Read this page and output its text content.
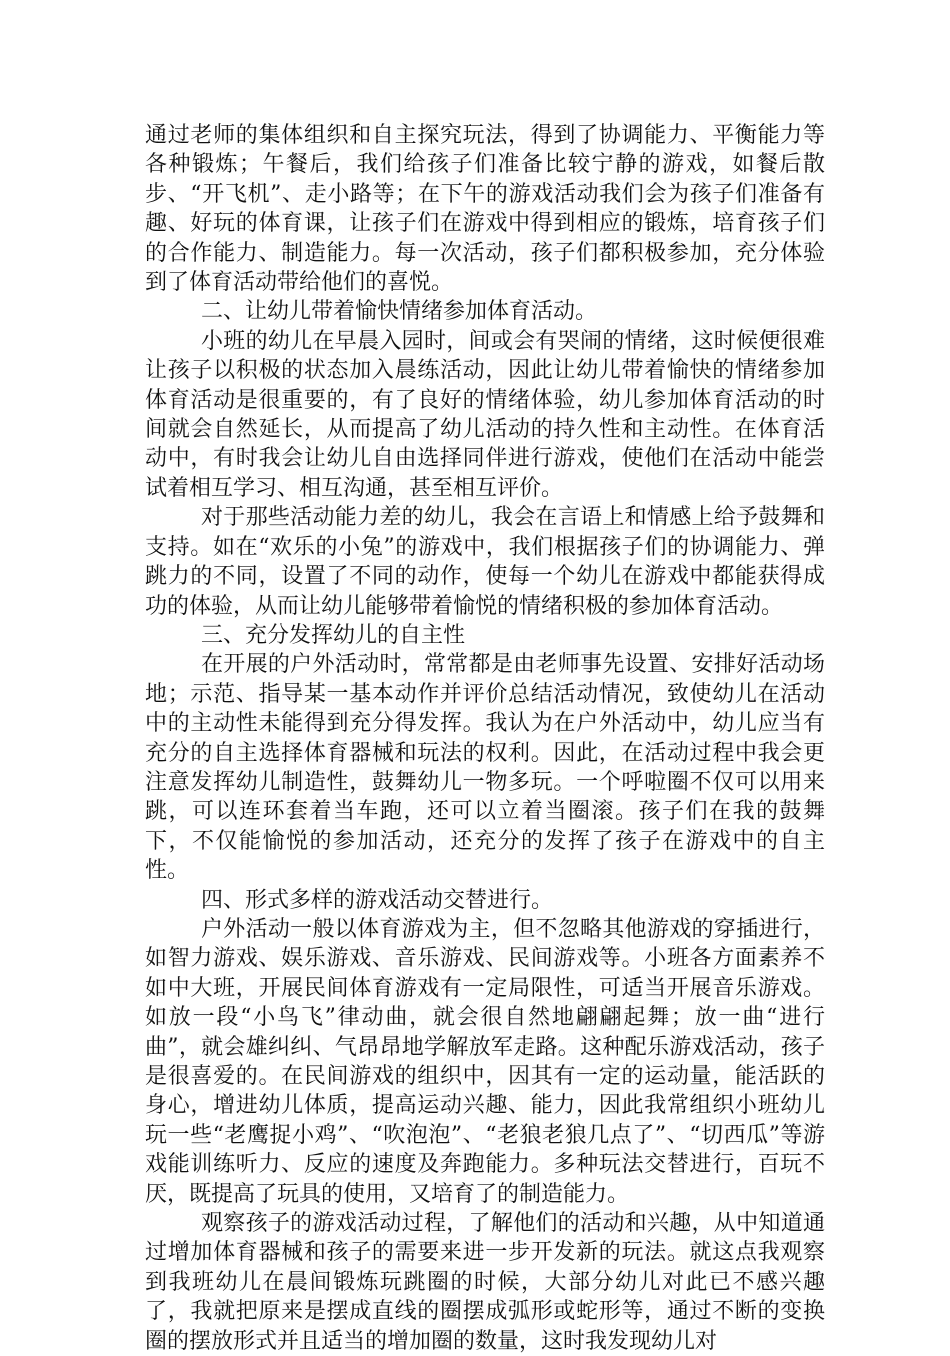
通过老师的集体组织和自主探究玩法，得到了协调能力、平衡能力等各种锻炼；午餐后，我们给孩子们准备比较宁静的游戏，如餐后散步、“开飞机”、走小路等；在下午的游戏活动我们会为孩子们准备有趣、好玩的体育课，让孩子们在游戏中得到相应的锻炼，培育孩子们的合作能力、制造能力。每一次活动，孩子们都积极参加，充分体验到了体育活动带给他们的喜悦。

二、让幼儿带着愉快情绪参加体育活动。

小班的幼儿在早晨入园时，间或会有哭闹的情绪，这时候便很难让孩子以积极的状态加入晨练活动，因此让幼儿带着愉快的情绪参加体育活动是很重要的，有了良好的情绪体验，幼儿参加体育活动的时间就会自然延长，从而提高了幼儿活动的持久性和主动性。在体育活动中，有时我会让幼儿自由选择同伴进行游戏，使他们在活动中能尝试着相互学习、相互沟通，甚至相互评价。

对于那些活动能力差的幼儿，我会在言语上和情感上给予鼓舞和支持。如在“欢乐的小兔”的游戏中，我们根据孩子们的协调能力、弹跳力的不同，设置了不同的动作，使每一个幼儿在游戏中都能获得成功的体验，从而让幼儿能够带着愉悦的情绪积极的参加体育活动。

三、充分发挥幼儿的自主性

在开展的户外活动时，常常都是由老师事先设置、安排好活动场地；示范、指导某一基本动作并评价总结活动情况，致使幼儿在活动中的主动性未能得到充分得发挥。我认为在户外活动中，幼儿应当有充分的自主选择体育器械和玩法的权利。因此，在活动过程中我会更注意发挥幼儿制造性，鼓舞幼儿一物多玩。一个呼啦圈不仅可以用来跳，可以连环套着当车跑，还可以立着当圈滚。孩子们在我的鼓舞下，不仅能愉悦的参加活动，还充分的发挥了孩子在游戏中的自主性。

四、形式多样的游戏活动交替进行。

户外活动一般以体育游戏为主，但不忽略其他游戏的穿插进行，如智力游戏、娱乐游戏、音乐游戏、民间游戏等。小班各方面素养不如中大班，开展民间体育游戏有一定局限性，可适当开展音乐游戏。如放一段“小鸟飞”律动曲，就会很自然地翩翩起舞；放一曲“进行曲”，就会雄纠纠、气昂昂地学解放军走路。这种配乐游戏活动，孩子是很喜爱的。在民间游戏的组织中，因其有一定的运动量，能活跃的身心，增进幼儿体质，提高运动兴趣、能力，因此我常组织小班幼儿玩一些“老鹰捉小鸡”、“吹泡泡”、“老狼老狼几点了”、“切西瓜”等游戏能训练听力、反应的速度及奔跑能力。多种玩法交替进行，百玩不厌，既提高了玩具的使用，又培育了的制造能力。

观察孩子的游戏活动过程，了解他们的活动和兴趣，从中知道通过增加体育器械和孩子的需要来进一步开发新的玩法。就这点我观察到我班幼儿在晨间锻炼玩跳圈的时候，大部分幼儿对此已不感兴趣了，我就把原来是摆成直线的圈摆成弧形或蛇形等，通过不断的变换圈的摆放形式并且适当的增加圈的数量，这时我发现幼儿对
